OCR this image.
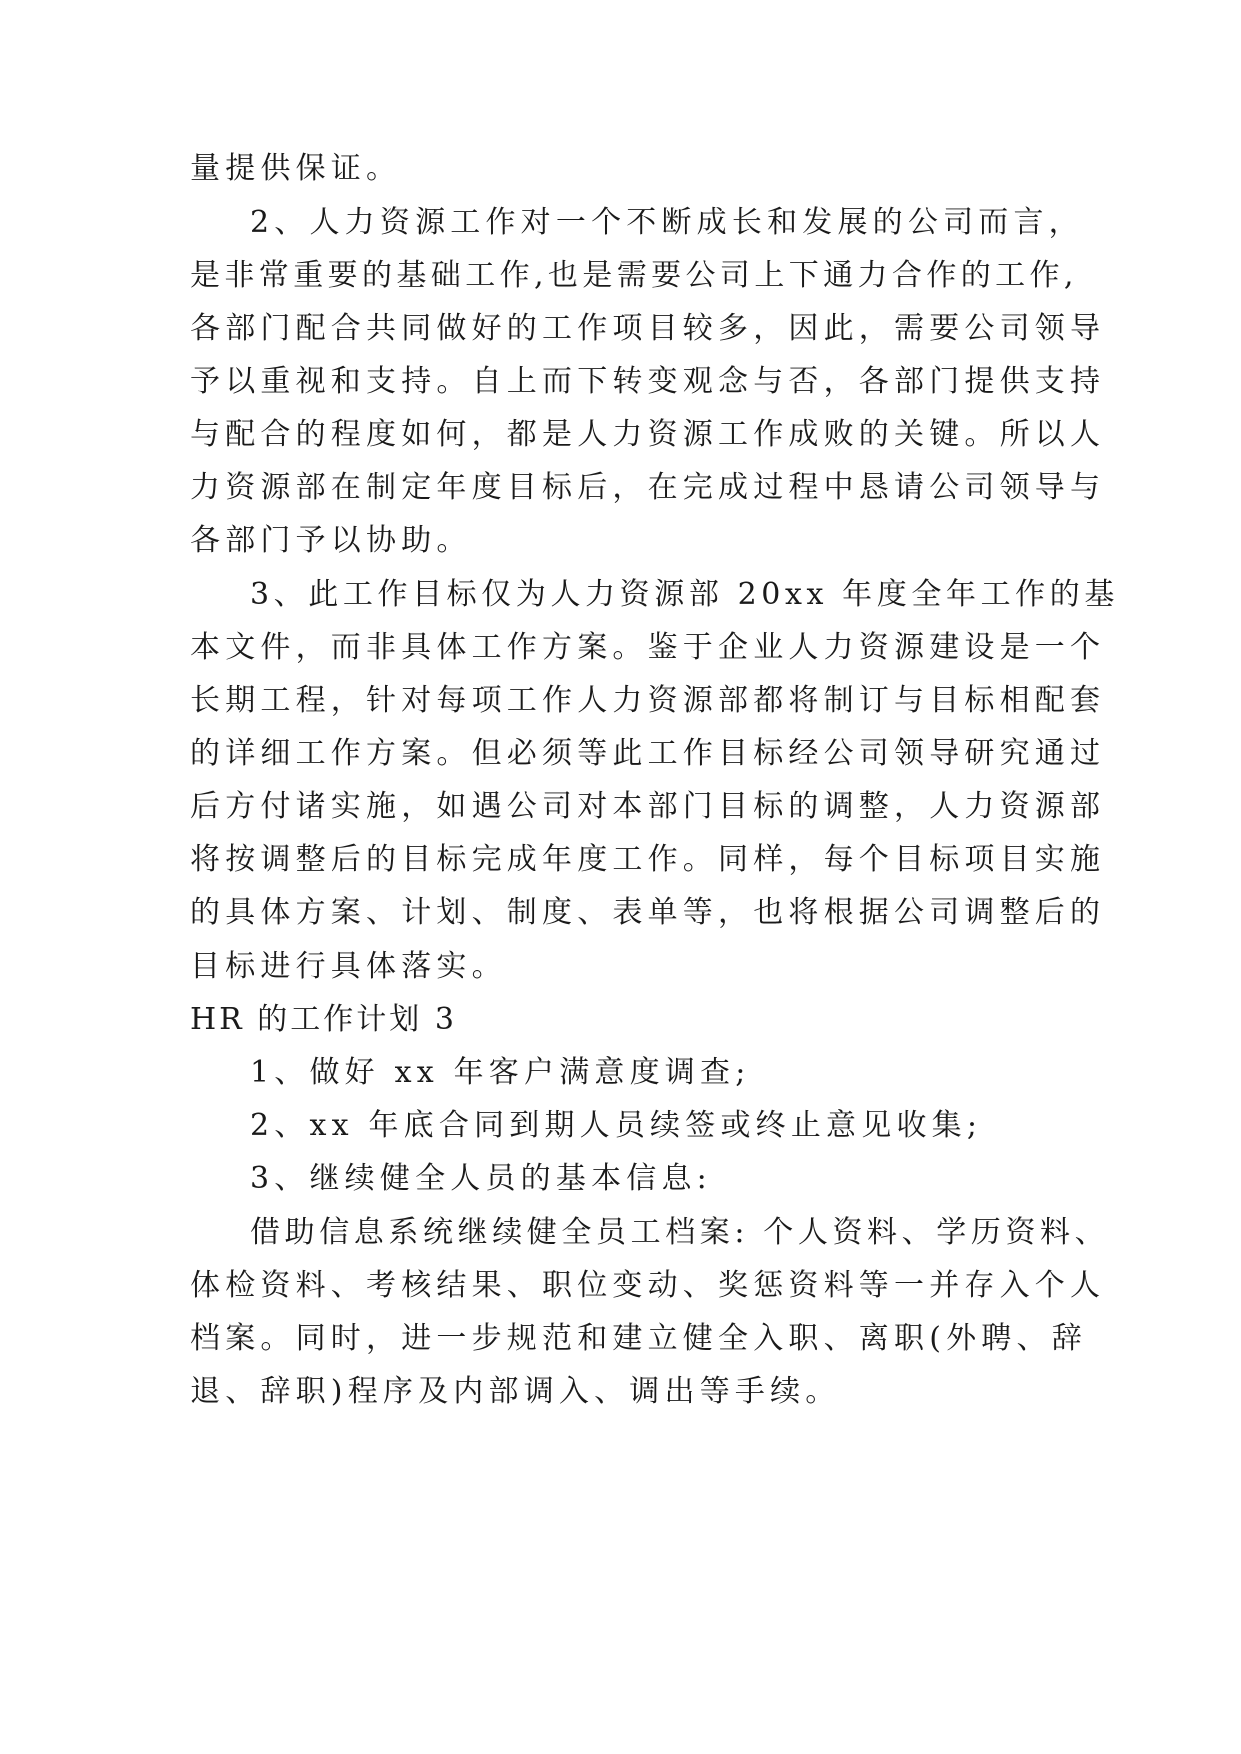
量提供保证。
2、人力资源工作对一个不断成长和发展的公司而言，
是非常重要的基础工作,也是需要公司上下通力合作的工作,
各部门配合共同做好的工作项目较多，因此，需要公司领导
予以重视和支持。自上而下转变观念与否，各部门提供支持
与配合的程度如何，都是人力资源工作成败的关键。所以人
力资源部在制定年度目标后，在完成过程中恳请公司领导与
各部门予以协助。
3、此工作目标仅为人力资源部 20xx 年度全年工作的基
本文件，而非具体工作方案。鉴于企业人力资源建设是一个
长期工程，针对每项工作人力资源部都将制订与目标相配套
的详细工作方案。但必须等此工作目标经公司领导研究通过
后方付诸实施，如遇公司对本部门目标的调整，人力资源部
将按调整后的目标完成年度工作。同样，每个目标项目实施
的具体方案、计划、制度、表单等，也将根据公司调整后的
目标进行具体落实。
HR 的工作计划 3
1、做好 xx 年客户满意度调查;
2、xx 年底合同到期人员续签或终止意见收集;
3、继续健全人员的基本信息:
借助信息系统继续健全员工档案: 个人资料、学历资料、
体检资料、考核结果、职位变动、奖惩资料等一并存入个人
档案。同时，进一步规范和建立健全入职、离职(外聘、辞
退、辞职)程序及内部调入、调出等手续。
